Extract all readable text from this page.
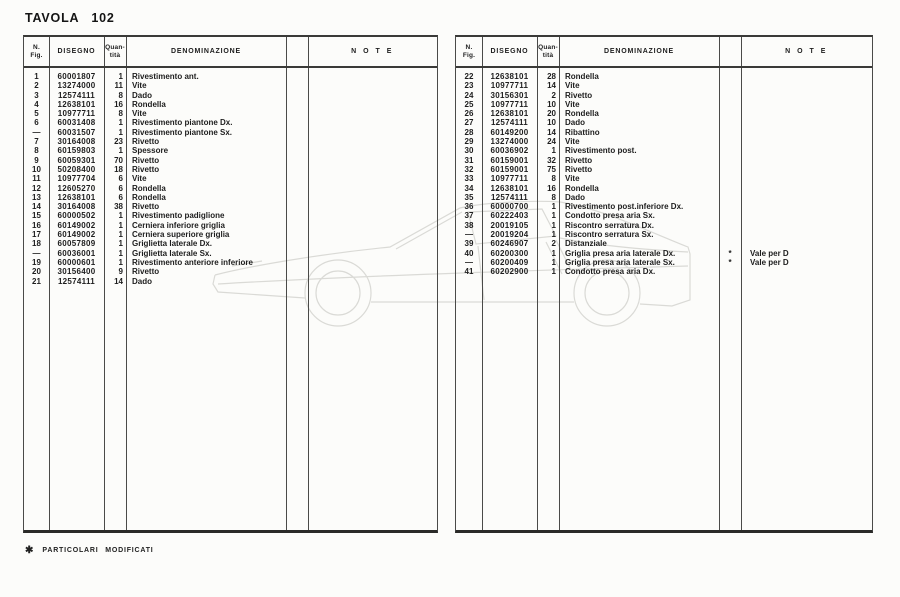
TAVOLA 102
N.
Fig.	DISEGNO
Quan-
tità	DENOMINAZIONE	N O T E
1	60001807	1	Rivestimento ant.
2	13274000	11	Vite
3	12574111	8	Dado
4	12638101	16	Rondella
5	10977711	8	Vite
6	60031408	1	Rivestimento piantone Dx.
—	60031507	1	Rivestimento piantone Sx.
7	30164008	23	Rivetto
8	60159803	1	Spessore
9	60059301	70	Rivetto
10	50208400	18	Rivetto
11	10977704	6	Vite
12	12605270	6	Rondella
13	12638101	6	Rondella
14	30164008	38	Rivetto
15	60000502	1	Rivestimento padiglione
16	60149002	1	Cerniera inferiore griglia
17	60149002	1	Cerniera superiore griglia
18	60057809	1	Griglietta laterale Dx.
—	60036001	1	Griglietta laterale Sx.
19	60000601	1	Rivestimento anteriore inferiore
20	30156400	9	Rivetto
21	12574111	14	Dado
N.
Fig.	DISEGNO
Quan-
tità	DENOMINAZIONE	N O T E
22	12638101	28	Rondella
23	10977711	14	Vite
24	30156301	2	Rivetto
25	10977711	10	Vite
26	12638101	20	Rondella
27	12574111	10	Dado
28	60149200	14	Ribattino
29	13274000	24	Vite
30	60036902	1	Rivestimento post.
31	60159001	32	Rivetto
32	60159001	75	Rivetto
33	10977711	8	Vite
34	12638101	16	Rondella
35	12574111	8	Dado
36	60000700	1	Rivestimento post.inferiore Dx.
37	60222403	1	Condotto presa aria Sx.
38	20019105	1	Riscontro serratura Dx.
—	20019204	1	Riscontro serratura Sx.
39	60246907	2	Distanziale
40	60200300	1	Griglia presa aria laterale Dx.	*	Vale per D
—	60200409	1	Griglia presa aria laterale Sx.	*	Vale per D
41	60202900	1	Condotto presa aria Dx.
✱ PARTICOLARI MODIFICATI
